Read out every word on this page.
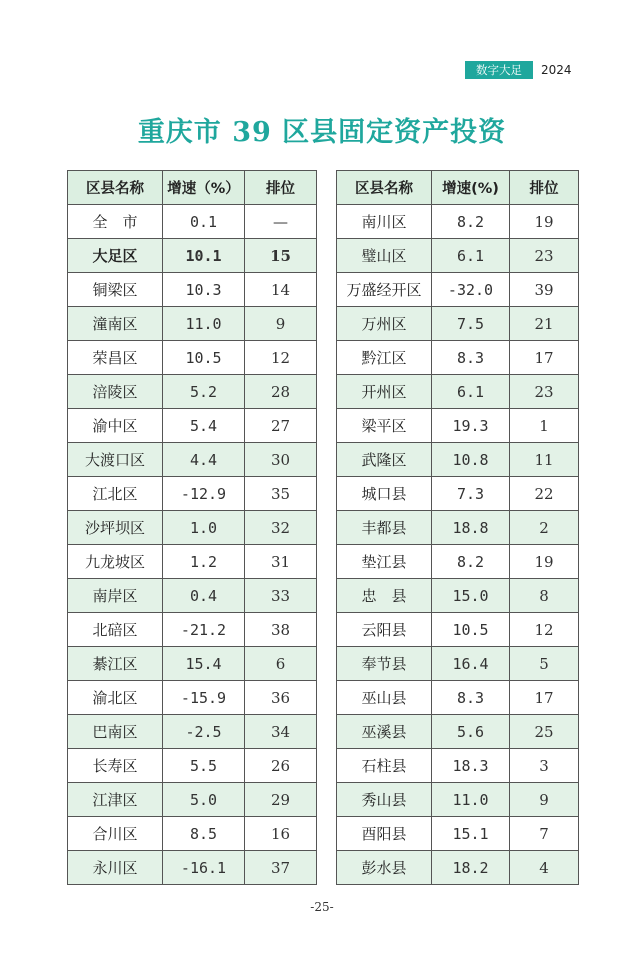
数字大足	2024
重庆市 39 区县固定资产投资
区县名称	增速（%）	排位
全　市	0.1	—
大足区	10.1	15
铜梁区	10.3	14
潼南区	11.0	9
荣昌区	10.5	12
涪陵区	5.2	28
渝中区	5.4	27
大渡口区	4.4	30
江北区	-12.9	35
沙坪坝区	1.0	32
九龙坡区	1.2	31
南岸区	0.4	33
北碚区	-21.2	38
綦江区	15.4	6
渝北区	-15.9	36
巴南区	-2.5	34
长寿区	5.5	26
江津区	5.0	29
合川区	8.5	16
永川区	-16.1	37
区县名称	增速(%)	排位
南川区	8.2	19
璧山区	6.1	23
万盛经开区	-32.0	39
万州区	7.5	21
黔江区	8.3	17
开州区	6.1	23
梁平区	19.3	1
武隆区	10.8	11
城口县	7.3	22
丰都县	18.8	2
垫江县	8.2	19
忠　县	15.0	8
云阳县	10.5	12
奉节县	16.4	5
巫山县	8.3	17
巫溪县	5.6	25
石柱县	18.3	3
秀山县	11.0	9
酉阳县	15.1	7
彭水县	18.2	4
-25-
